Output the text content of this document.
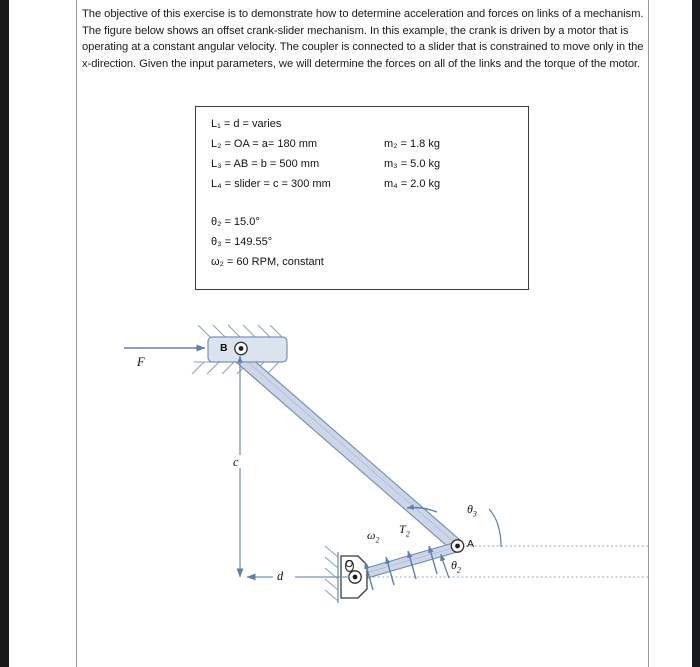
The objective of this exercise is to demonstrate how to determine acceleration and forces on links of a mechanism. The figure below shows an offset crank-slider mechanism. In this example, the crank is driven by a motor that is operating at a constant angular velocity. The coupler is connected to a slider that is constrained to move only in the x-direction. Given the input parameters, we will determine the forces on all of the links and the torque of the motor.
L₁ = d = varies
L₂ = OA = a= 180 mm
L₃ = AB = b = 500 mm
L₄ = slider = c = 300 mm
m₂ = 1.8 kg
m₃ = 5.0 kg
m₄ = 2.0 kg
θ₂ = 15.0°
θ₃ = 149.55°
ω₂ = 60 RPM, constant
F
B
O
A
c
d
$T_2$
$\omega_2$
$\theta_2$
$\theta_3$
